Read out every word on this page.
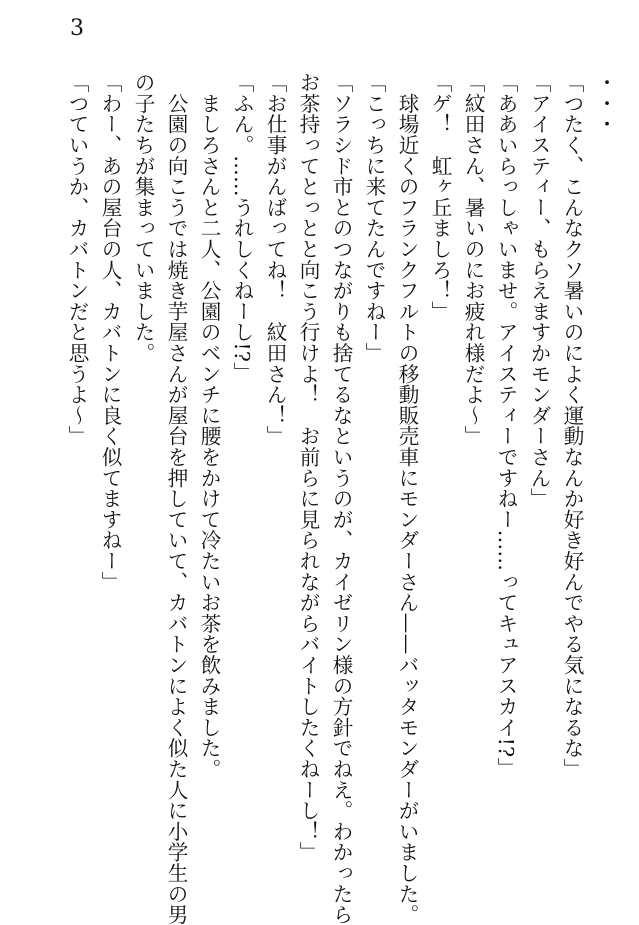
3

・・・

「つたく、こんなクソ暑いのによく運動なんか好き好んでやる気になるな」

「アイスティー、もらえますかモンダーさん」

「ああいらっしゃいませ。アイスティーですねー……ってキュアスカイ!?」

「紋田さん、暑いのにお疲れ様だよ〜」

「ゲ！　虹ヶ丘ましろ！」

　球場近くのフランクフルトの移動販売車にモンダーさん——バッタモンダーがいました。

「こっちに来てたんですねー」

「ソラシド市とのつながりも捨てるなというのが、カイゼリン様の方針でねえ。わかったら

お茶持ってとっとと向こう行けよ！　お前らに見られながらバイトしたくねーし！」

「お仕事がんばってね！　紋田さん！」

「ふん。……うれしくねーし!?」

　ましろさんと二人、公園のベンチに腰をかけて冷たいお茶を飲みました。

　公園の向こうでは焼き芋屋さんが屋台を押していて、カバトンによく似た人に小学生の男

の子たちが集まっていました。

「わー、あの屋台の人、カバトンに良く似てますねー」

「つていうか、カバトンだと思うよ〜」
